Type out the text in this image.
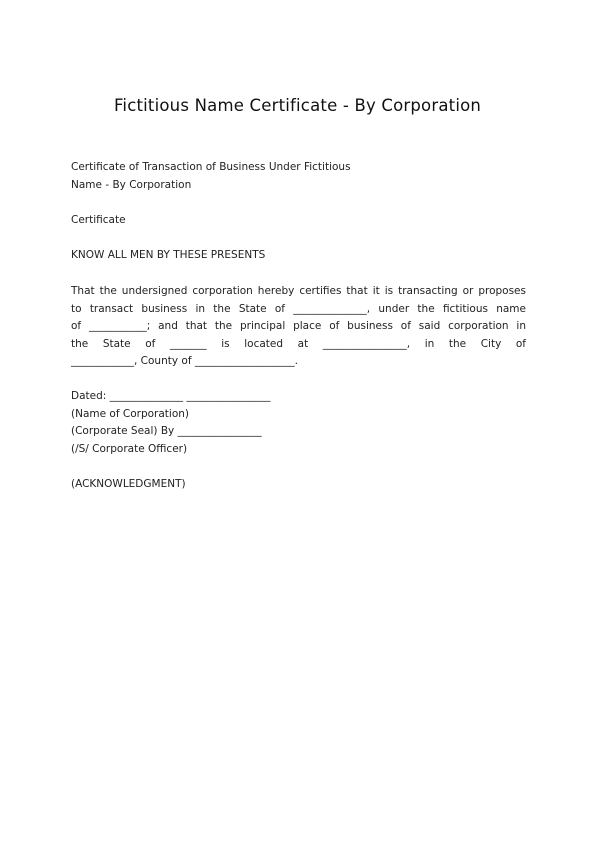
Fictitious Name Certificate - By Corporation
Certificate of Transaction of Business Under Fictitious
Name - By Corporation
Certificate
KNOW ALL MEN BY THESE PRESENTS
That the undersigned corporation hereby certifies that it is transacting or proposes
to transact business in the State of ______________, under the fictitious name
of ___________; and that the principal place of business of said corporation in
the State of _______ is located at ________________, in the City of
____________, County of ___________________.
Dated: ______________ ________________
(Name of Corporation)
(Corporate Seal) By ________________
(/S/ Corporate Officer)
(ACKNOWLEDGMENT)
